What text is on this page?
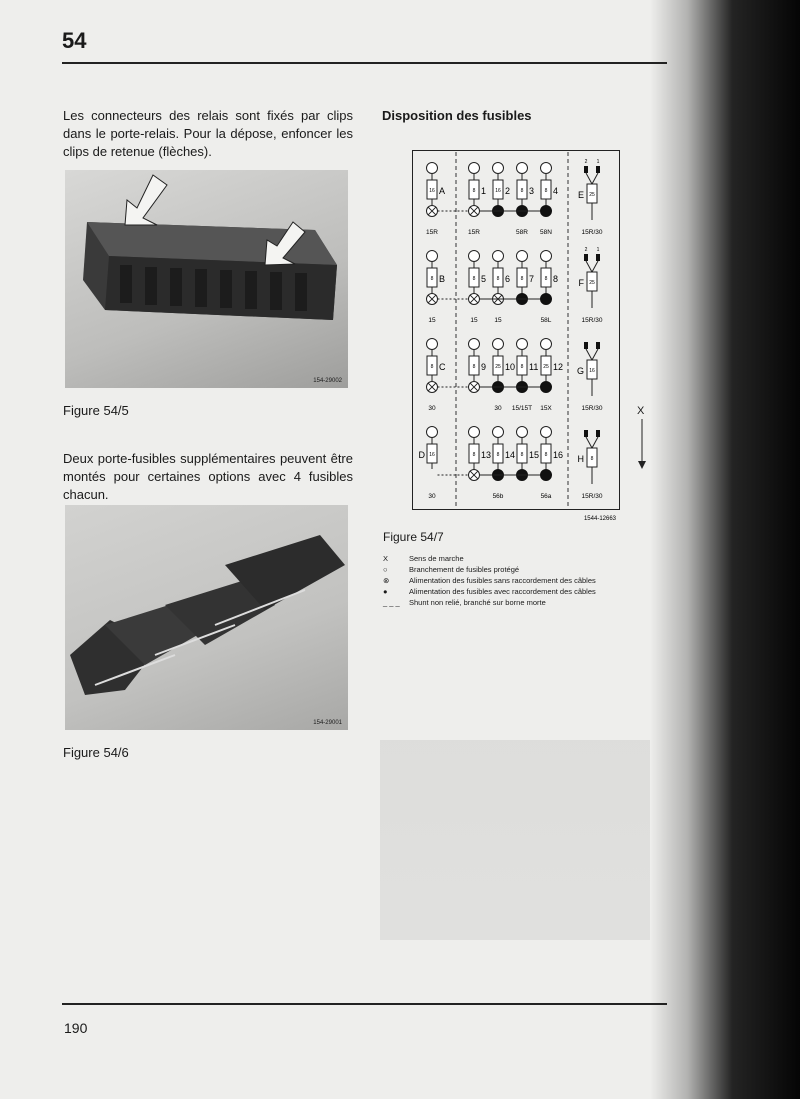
54
Les connecteurs des relais sont fixés par clips dans le porte-relais. Pour la dépose, enfoncer les clips de retenue (flèches).
154-29002
Figure 54/5
Deux porte-fusibles supplémentaires peuvent être montés pour certaines options avec 4 fusibles chacun.
154-29001
Figure 54/6
Disposition des fusibles
1544-12663
16 A	8 1 16 2 8 3 8 4
15R	15R	58R 58N
2 1
25
E
15R/30
8 B	8 5 8 6 8 7 8 8
15	15	15	58L
2 1
25
F
15R/30
8 C	8 9 25 10 8 11 25 12
30	30 15/15T 15X
16
G
15R/30
16
D	8 13 8 14 8 15 8 16
30	56b	56a
8
H
15R/30
X
Figure 54/7
X	Sens de marche
○	Branchement de fusibles protégé
⊗	Alimentation des fusibles sans raccordement des câbles
●	Alimentation des fusibles avec raccordement des câbles
_ _ _	Shunt non relié, branché sur borne morte
190
